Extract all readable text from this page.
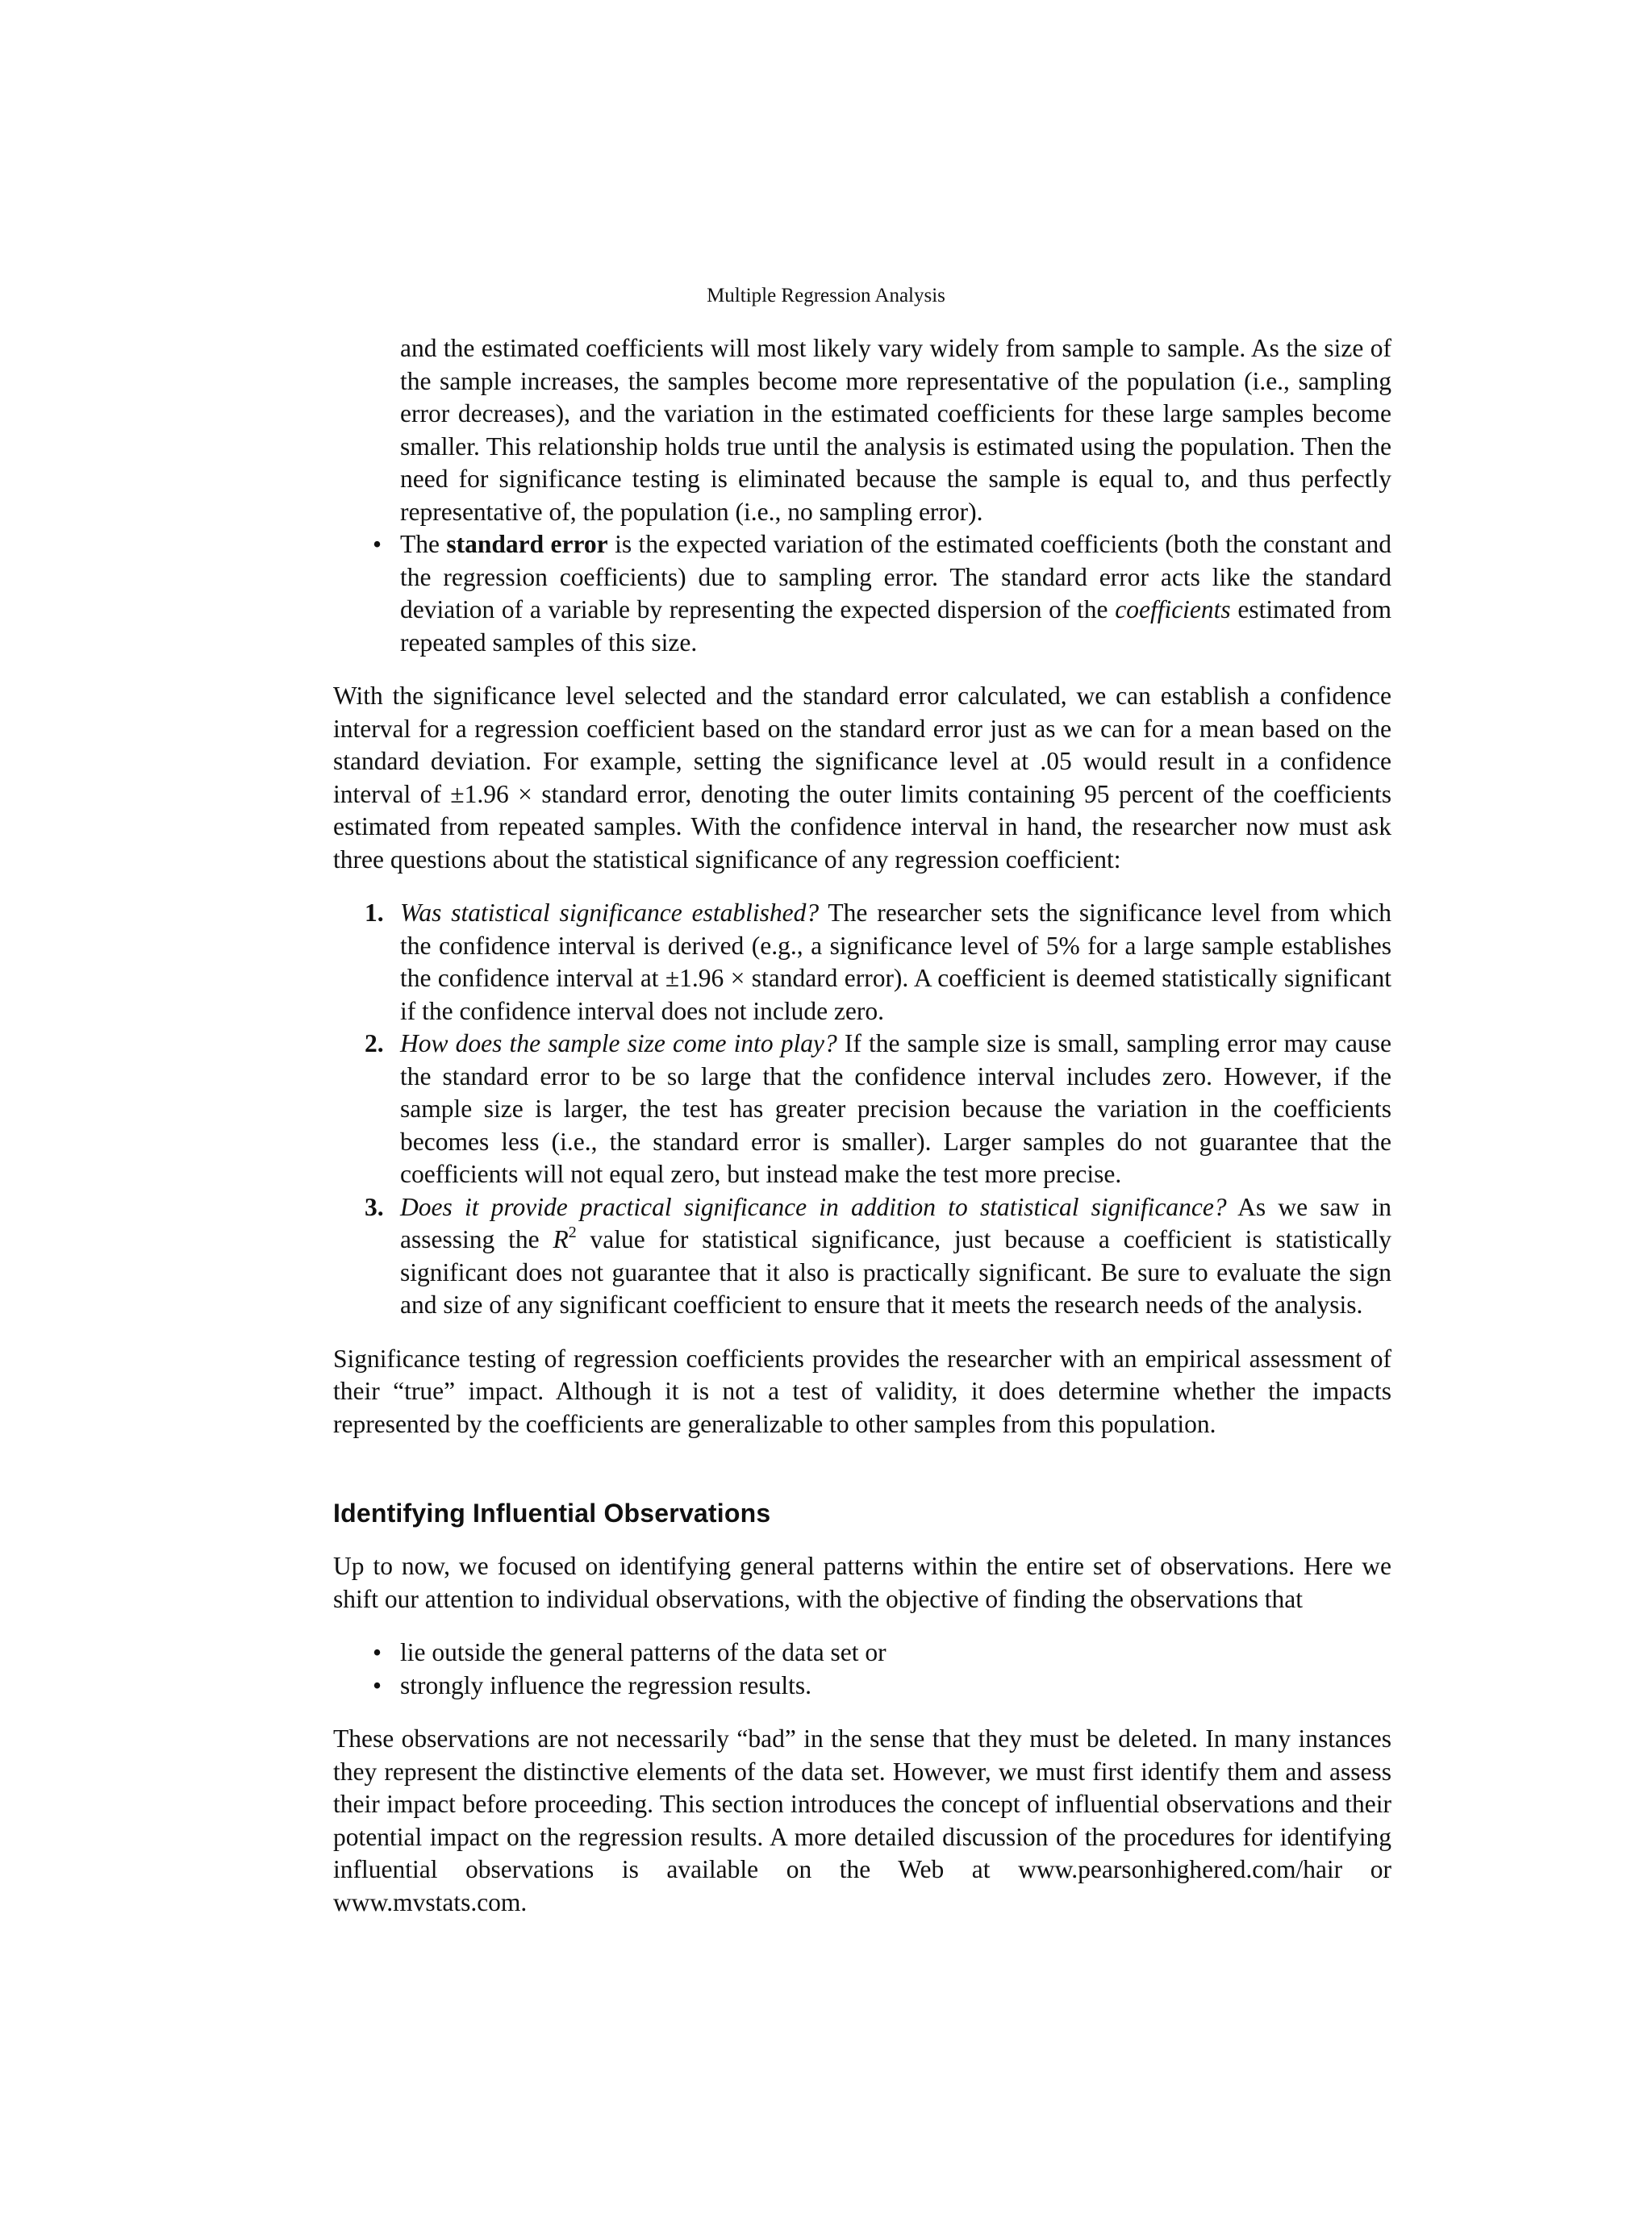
Multiple Regression Analysis

and the estimated coefficients will most likely vary widely from sample to sample. As the size of the sample increases, the samples become more representative of the population (i.e., sampling error decreases), and the variation in the estimated coefficients for these large samples become smaller. This relationship holds true until the analysis is estimated using the population. Then the need for significance testing is eliminated because the sample is equal to, and thus perfectly representative of, the population (i.e., no sampling error).

• The standard error is the expected variation of the estimated coefficients (both the constant and the regression coefficients) due to sampling error. The standard error acts like the standard deviation of a variable by representing the expected dispersion of the coefficients estimated from repeated samples of this size.

With the significance level selected and the standard error calculated, we can establish a confidence interval for a regression coefficient based on the standard error just as we can for a mean based on the standard deviation. For example, setting the significance level at .05 would result in a confidence interval of ±1.96 × standard error, denoting the outer limits containing 95 percent of the coefficients estimated from repeated samples. With the confidence interval in hand, the researcher now must ask three questions about the statistical significance of any regression coefficient:

1. Was statistical significance established? The researcher sets the significance level from which the confidence interval is derived (e.g., a significance level of 5% for a large sample establishes the confidence interval at ±1.96 × standard error). A coefficient is deemed statistically significant if the confidence interval does not include zero.
2. How does the sample size come into play? If the sample size is small, sampling error may cause the standard error to be so large that the confidence interval includes zero. However, if the sample size is larger, the test has greater precision because the variation in the coefficients becomes less (i.e., the standard error is smaller). Larger samples do not guarantee that the coefficients will not equal zero, but instead make the test more precise.
3. Does it provide practical significance in addition to statistical significance? As we saw in assessing the $R^2$ value for statistical significance, just because a coefficient is statistically significant does not guarantee that it also is practically significant. Be sure to evaluate the sign and size of any significant coefficient to ensure that it meets the research needs of the analysis.

Significance testing of regression coefficients provides the researcher with an empirical assessment of their “true” impact. Although it is not a test of validity, it does determine whether the impacts represented by the coefficients are generalizable to other samples from this population.

Identifying Influential Observations

Up to now, we focused on identifying general patterns within the entire set of observations. Here we shift our attention to individual observations, with the objective of finding the observations that

• lie outside the general patterns of the data set or
• strongly influence the regression results.

These observations are not necessarily “bad” in the sense that they must be deleted. In many instances they represent the distinctive elements of the data set. However, we must first identify them and assess their impact before proceeding. This section introduces the concept of influential observations and their potential impact on the regression results. A more detailed discussion of the procedures for identifying influential observations is available on the Web at www.pearsonhighered.com/hair or www.mvstats.com.
